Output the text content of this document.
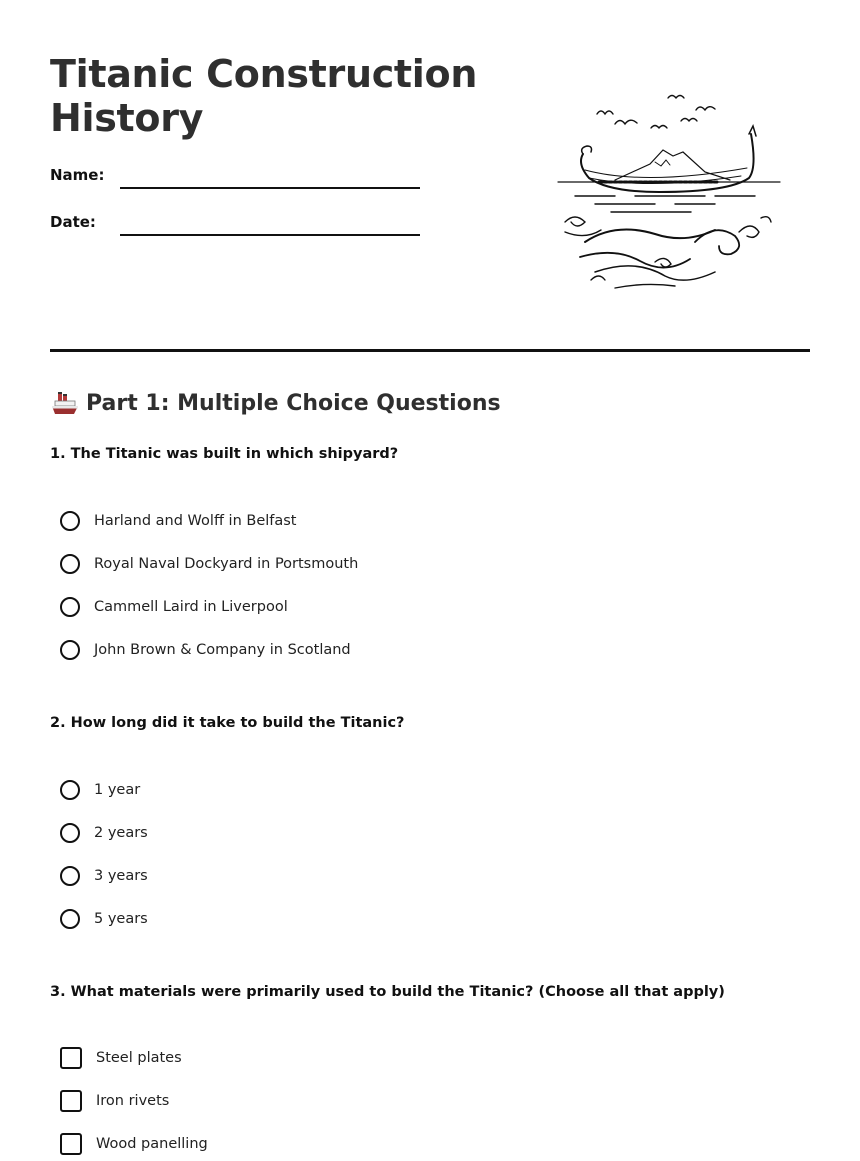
Titanic Construction History
Name:
Date:
Part 1: Multiple Choice Questions

1. The Titanic was built in which shipyard?

Harland and Wolff in Belfast
Royal Naval Dockyard in Portsmouth
Cammell Laird in Liverpool
John Brown & Company in Scotland

2. How long did it take to build the Titanic?

1 year
2 years
3 years
5 years

3. What materials were primarily used to build the Titanic? (Choose all that apply)

Steel plates
Iron rivets
Wood panelling
